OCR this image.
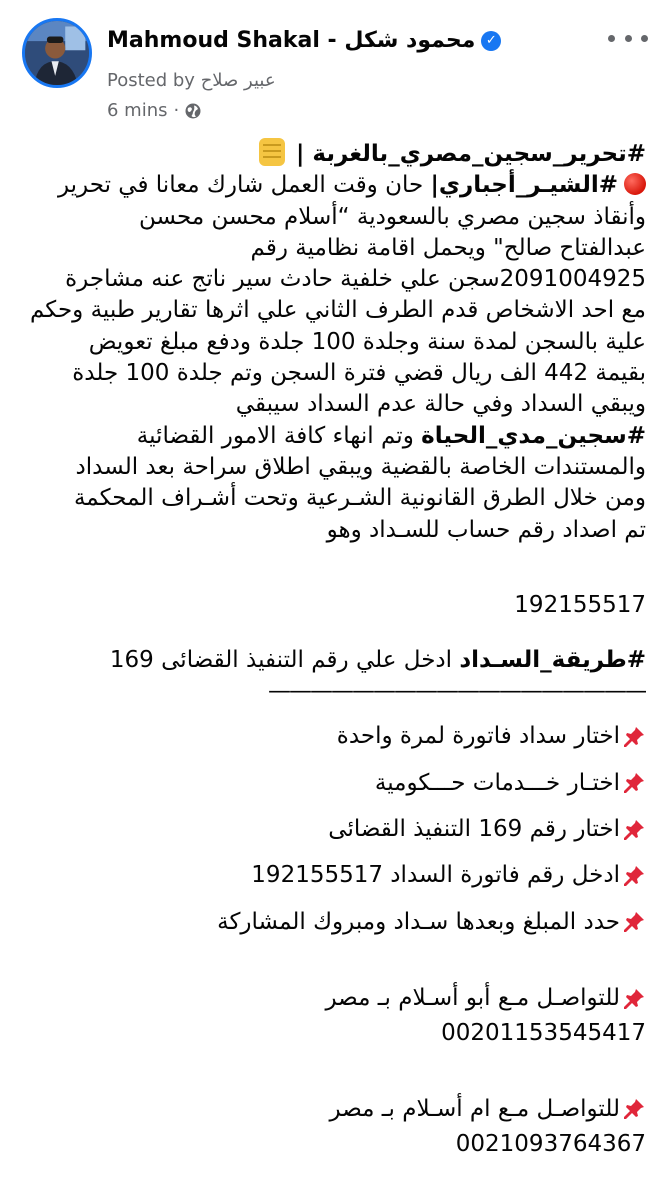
Mahmoud Shakal - محمود شكل ✓
Posted by عبير صلاح
6 mins ·

#تحرير_سجين_مصري_بالغربة |

#الشيـر_أجباري| حان وقت العمل شارك معانا في تحرير

وأنقاذ سجين مصري بالسعودية “أسلام محسن محسن

عبدالفتاح صالح" ويحمل اقامة نظامية رقم

2091004925سجن علي خلفية حادث سير ناتج عنه مشاجرة

مع احد الاشخاص قدم الطرف الثاني علي اثرها تقارير طبية وحكم

علية بالسجن لمدة سنة وجلدة 100 جلدة ودفع مبلغ تعويض

بقيمة 442 الف ريال قضي فترة السجن وتم جلدة 100 جلدة

ويبقي السداد وفي حالة عدم السداد سيبقي

#سجين_مدي_الحياة وتم انهاء كافة الامور القضائية

والمستندات الخاصة بالقضية ويبقي اطلاق سراحة بعد السداد

ومن خلال الطرق القانونية الشـرعية وتحت أشـراف المحكمة

تم اصداد رقم حساب للسـداد وهو

192155517

#طريقة_السـداد ادخل علي رقم التنفيذ القضائى 169

——————————————————

اختار سداد فاتورة لمرة واحدة
اختـار خـــدمات حـــكومية
اختار رقم 169 التنفيذ القضائى
ادخل رقم فاتورة السداد 192155517
حدد المبلغ وبعدها سـداد ومبروك المشاركة
للتواصـل مـع أبو أسـلام بـ مصر

00201153545417

للتواصـل مـع ام أسـلام بـ مصر

0021093764367
